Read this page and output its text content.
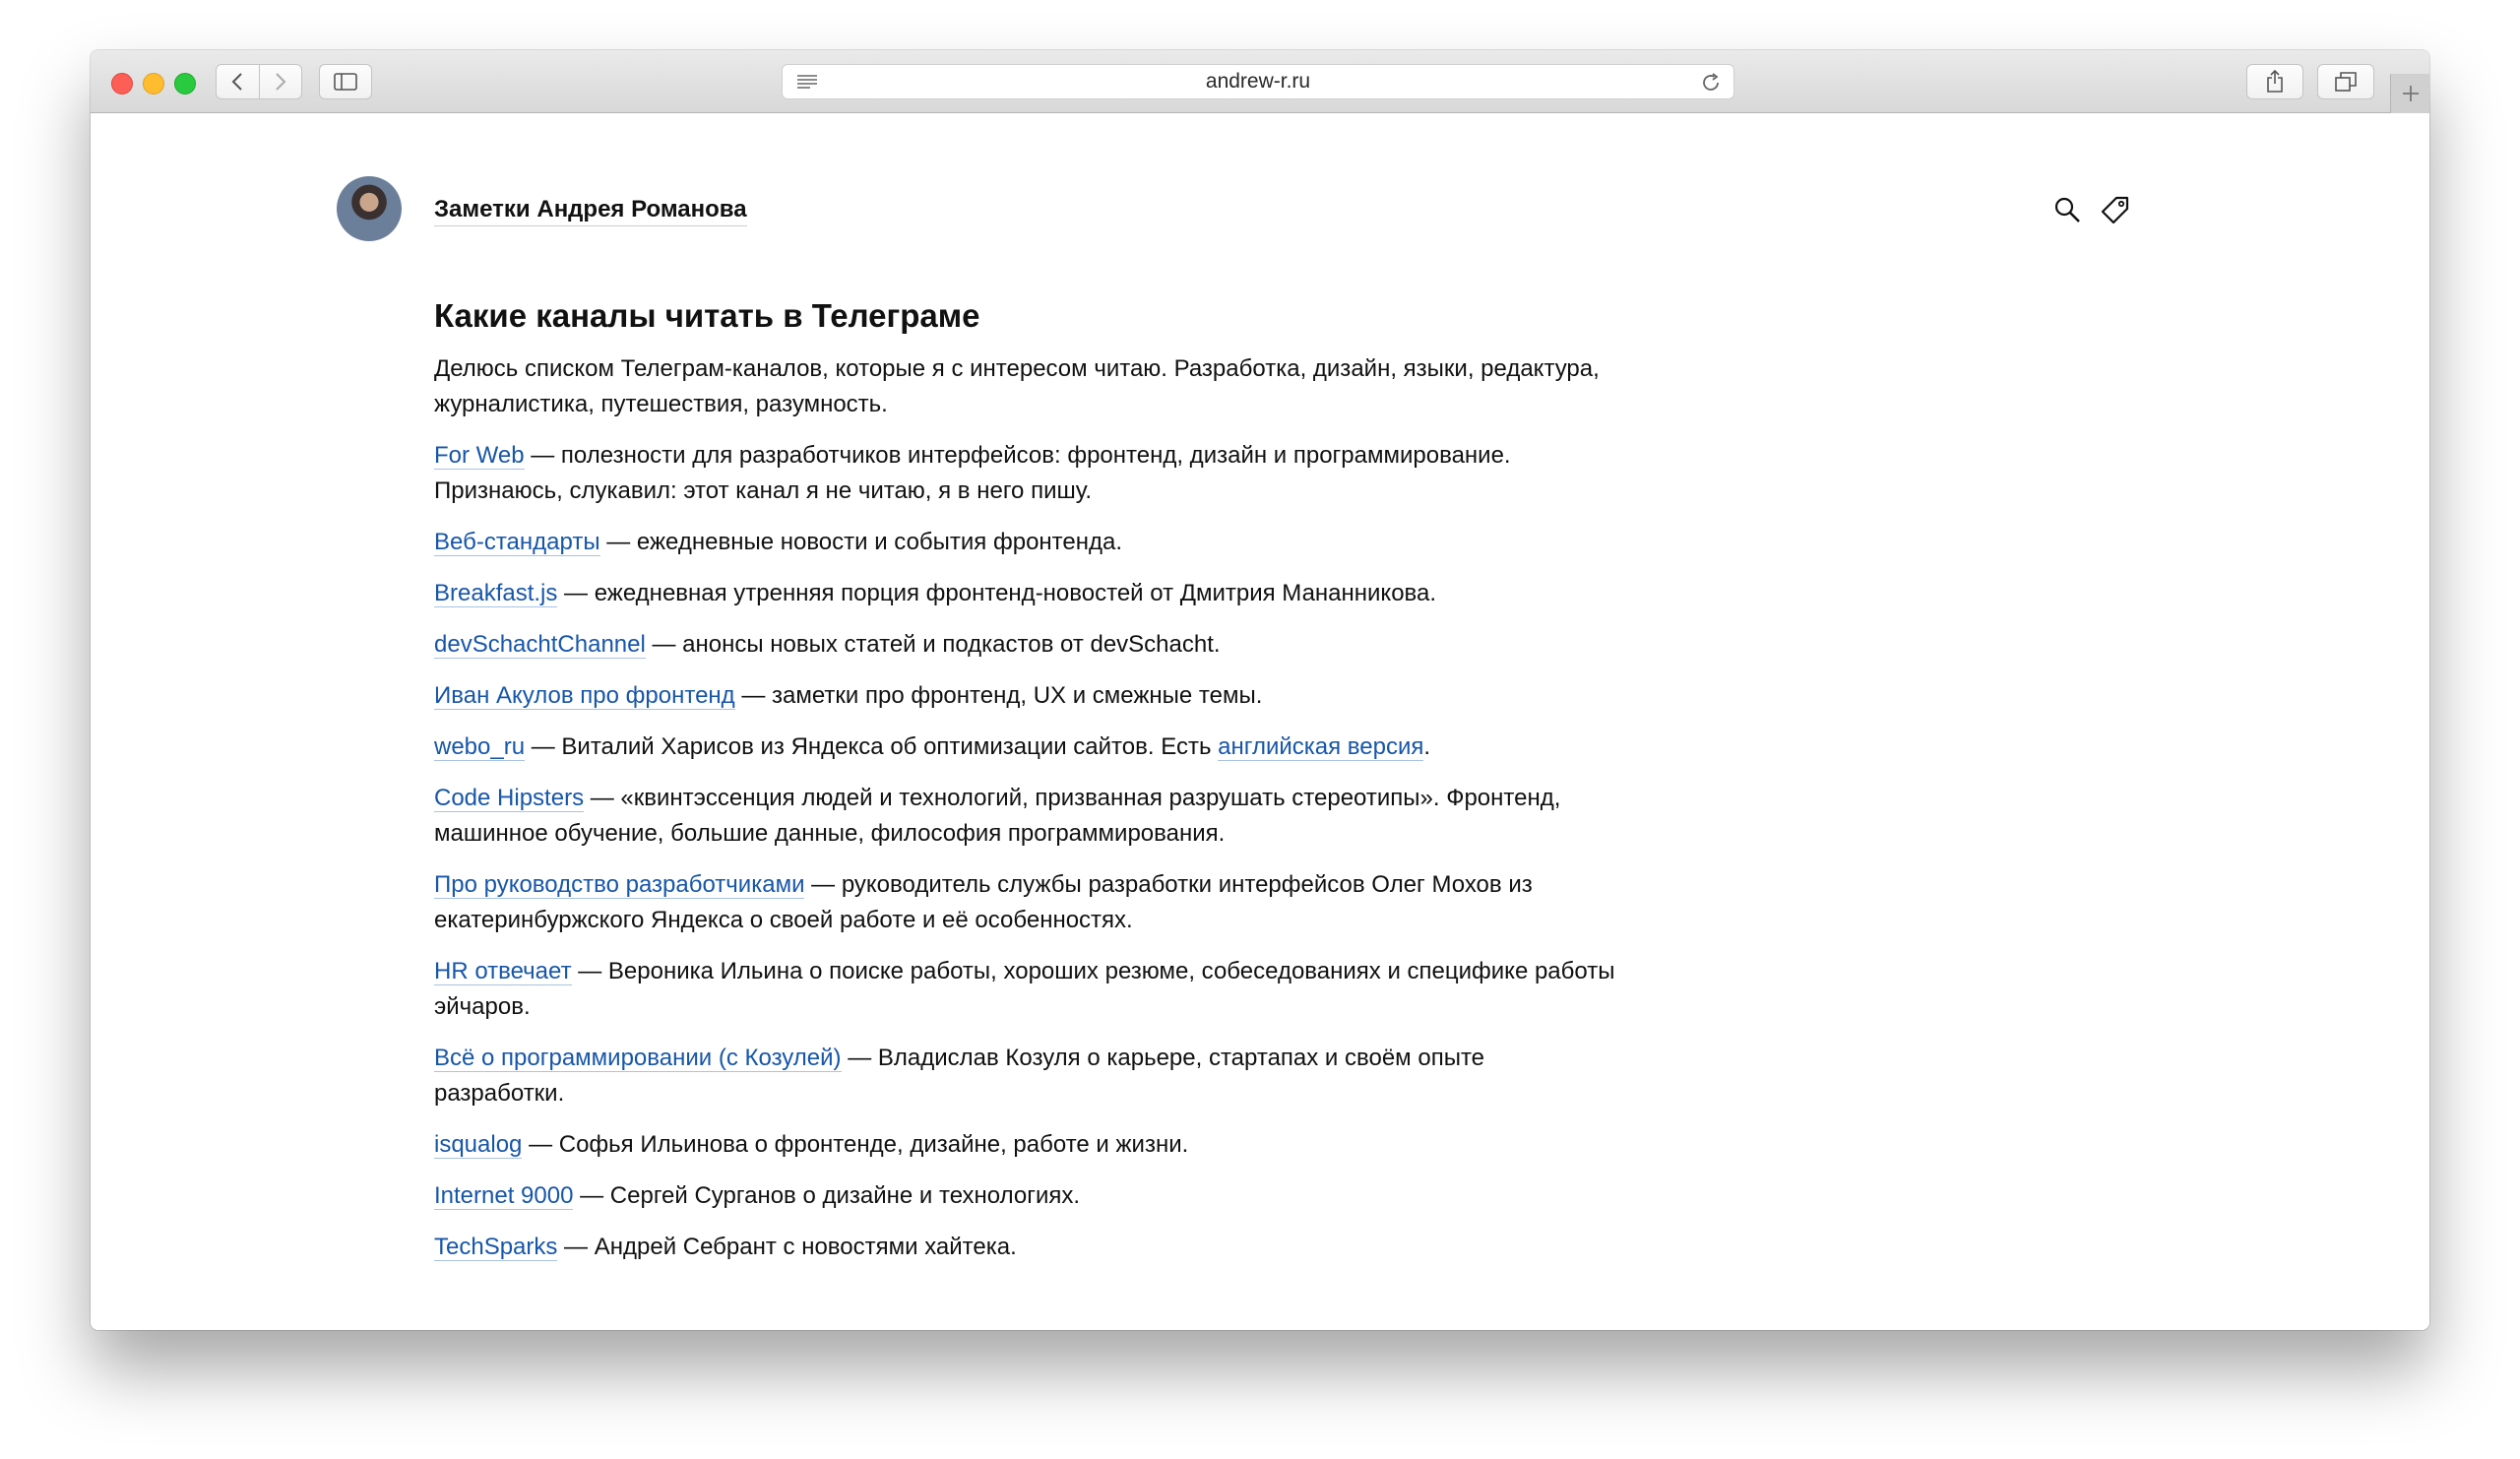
andrew-r.ru
Заметки Андрея Романова
Какие каналы читать в Телеграме

Делюсь списком Телеграм-каналов, которые я с интересом читаю. Разработка, дизайн, языки, редактура, журналистика, путешествия, разумность.

For Web — полезности для разработчиков интерфейсов: фронтенд, дизайн и программирование. Признаюсь, слукавил: этот канал я не читаю, я в него пишу.

Веб-стандарты — ежедневные новости и события фронтенда.

Breakfast.js — ежедневная утренняя порция фронтенд-новостей от Дмитрия Мананникова.

devSchachtChannel — анонсы новых статей и подкастов от devSchacht.

Иван Акулов про фронтенд — заметки про фронтенд, UX и смежные темы.

webo_ru — Виталий Харисов из Яндекса об оптимизации сайтов. Есть английская версия.

Code Hipsters — «квинтэссенция людей и технологий, призванная разрушать стереотипы». Фронтенд, машинное обучение, большие данные, философия программирования.

Про руководство разработчиками — руководитель службы разработки интерфейсов Олег Мохов из екатеринбуржского Яндекса о своей работе и её особенностях.

HR отвечает — Вероника Ильина о поиске работы, хороших резюме, собеседованиях и специфике работы эйчаров.

Всё о программировании (с Козулей) — Владислав Козуля о карьере, стартапах и своём опыте разработки.

isqualog — Софья Ильинова о фронтенде, дизайне, работе и жизни.

Internet 9000 — Сергей Сурганов о дизайне и технологиях.

TechSparks — Андрей Себрант с новостями хайтека.
